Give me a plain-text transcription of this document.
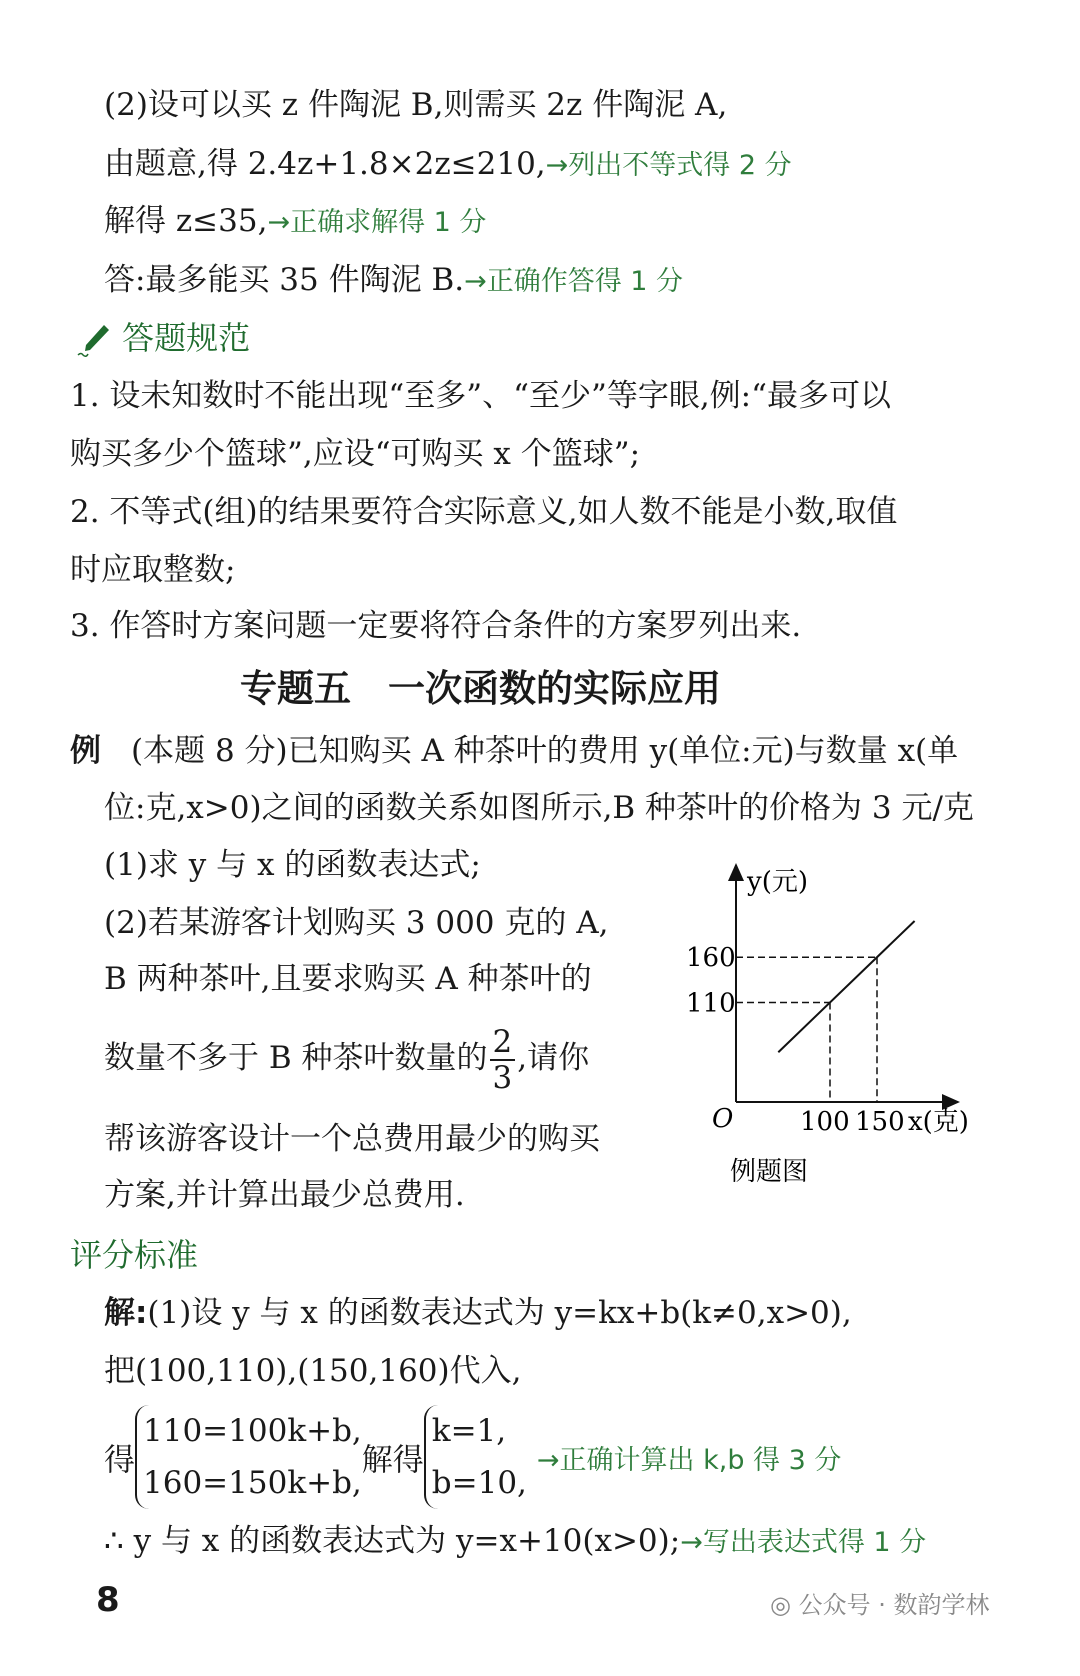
(2)设可以买 z 件陶泥 B,则需买 2z 件陶泥 A,
由题意,得 2.4z+1.8×2z≤210,→列出不等式得 2 分
解得 z≤35,→正确求解得 1 分
答:最多能买 35 件陶泥 B.→正确作答得 1 分
答题规范
1. 设未知数时不能出现“至多”、“至少”等字眼,例:“最多可以
购买多少个篮球”,应设“可购买 x 个篮球”;
2. 不等式(组)的结果要符合实际意义,如人数不能是小数,取值
时应取整数;
3. 作答时方案问题一定要将符合条件的方案罗列出来.
专题五　一次函数的实际应用
例 (本题 8 分)已知购买 A 种茶叶的费用 y(单位:元)与数量 x(单
位:克,x>0)之间的函数关系如图所示,B 种茶叶的价格为 3 元/克
(1)求 y 与 x 的函数表达式;
(2)若某游客计划购买 3 000 克的 A,
B 两种茶叶,且要求购买 A 种茶叶的
数量不多于 B 种茶叶数量的 $\frac{2}{3}$ ,请你
帮该游客设计一个总费用最少的购买
方案,并计算出最少总费用.
110
100
160
150
y(元)
x(克)
O
例题图
评分标准
解:(1)设 y 与 x 的函数表达式为 y=kx+b(k≠0,x>0),
把(100,110),(150,160)代入,
得110=100k+b,
160=150k+b,解得k=1,
b=10,→正确计算出 k,b 得 3 分
∴ y 与 x 的函数表达式为 y=x+10(x>0);→写出表达式得 1 分
8	◎ 公众号 · 数韵学林
